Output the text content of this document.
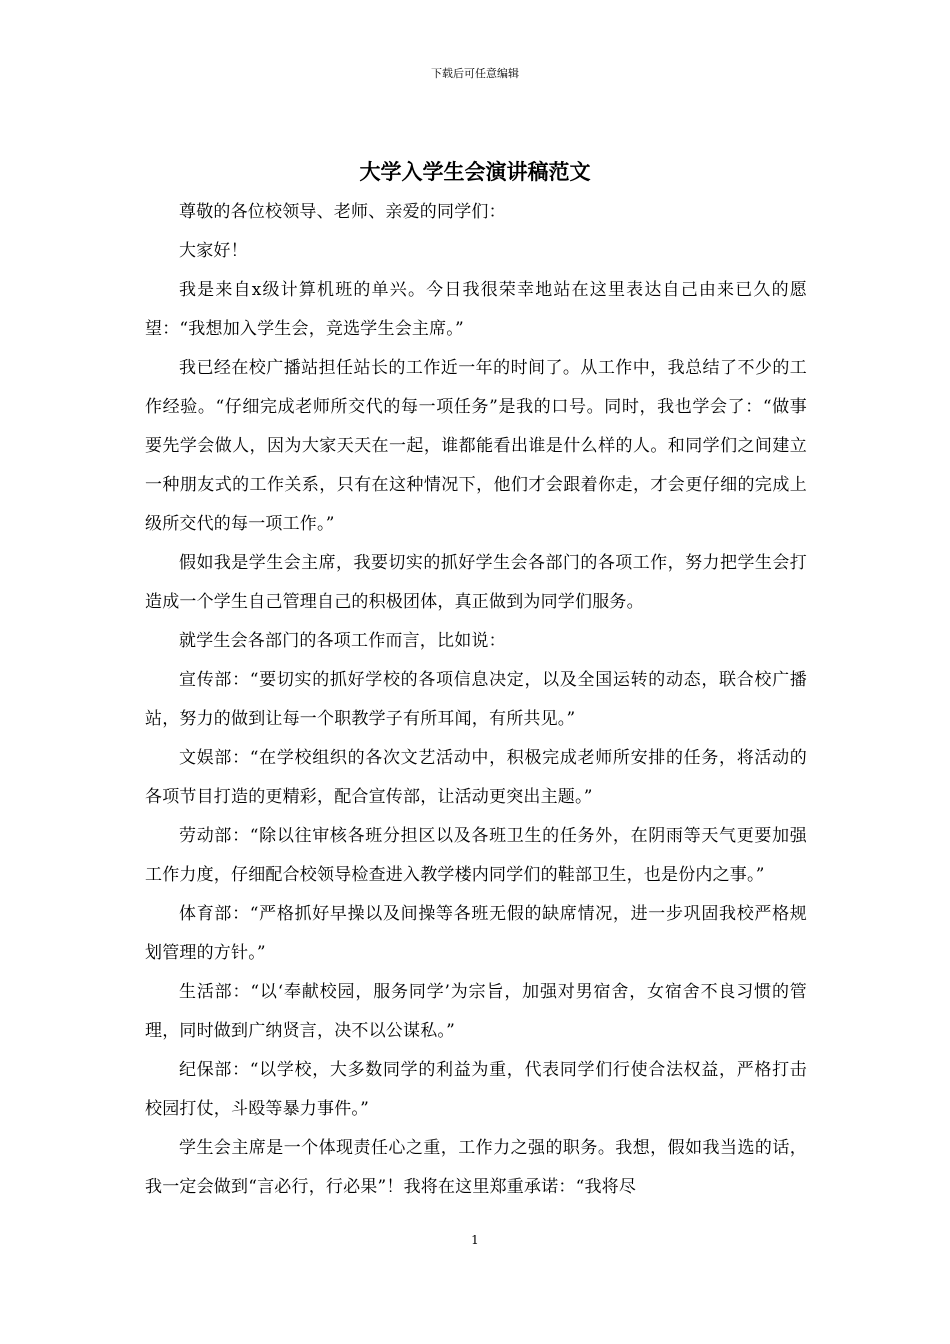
下载后可任意编辑
大学入学生会演讲稿范文

尊敬的各位校领导、老师、亲爱的同学们：

大家好！

我是来自x级计算机班的单兴。今日我很荣幸地站在这里表达自己由来已久的愿望：“我想加入学生会，竞选学生会主席。”

我已经在校广播站担任站长的工作近一年的时间了。从工作中，我总结了不少的工作经验。“仔细完成老师所交代的每一项任务”是我的口号。同时，我也学会了：“做事要先学会做人，因为大家天天在一起，谁都能看出谁是什么样的人。和同学们之间建立一种朋友式的工作关系，只有在这种情况下，他们才会跟着你走，才会更仔细的完成上级所交代的每一项工作。”

假如我是学生会主席，我要切实的抓好学生会各部门的各项工作，努力把学生会打造成一个学生自己管理自己的积极团体，真正做到为同学们服务。

就学生会各部门的各项工作而言，比如说：

宣传部：“要切实的抓好学校的各项信息决定，以及全国运转的动态，联合校广播站，努力的做到让每一个职教学子有所耳闻，有所共见。”

文娱部：“在学校组织的各次文艺活动中，积极完成老师所安排的任务，将活动的各项节目打造的更精彩，配合宣传部，让活动更突出主题。”

劳动部：“除以往审核各班分担区以及各班卫生的任务外，在阴雨等天气更要加强工作力度，仔细配合校领导检查进入教学楼内同学们的鞋部卫生，也是份内之事。”

体育部：“严格抓好早操以及间操等各班无假的缺席情况，进一步巩固我校严格规划管理的方针。”

生活部：“以‘奉献校园，服务同学’为宗旨，加强对男宿舍，女宿舍不良习惯的管理，同时做到广纳贤言，决不以公谋私。”

纪保部：“以学校，大多数同学的利益为重，代表同学们行使合法权益，严格打击校园打仗，斗殴等暴力事件。”

学生会主席是一个体现责任心之重，工作力之强的职务。我想，假如我当选的话，我一定会做到“言必行，行必果”！我将在这里郑重承诺：“我将尽

1
